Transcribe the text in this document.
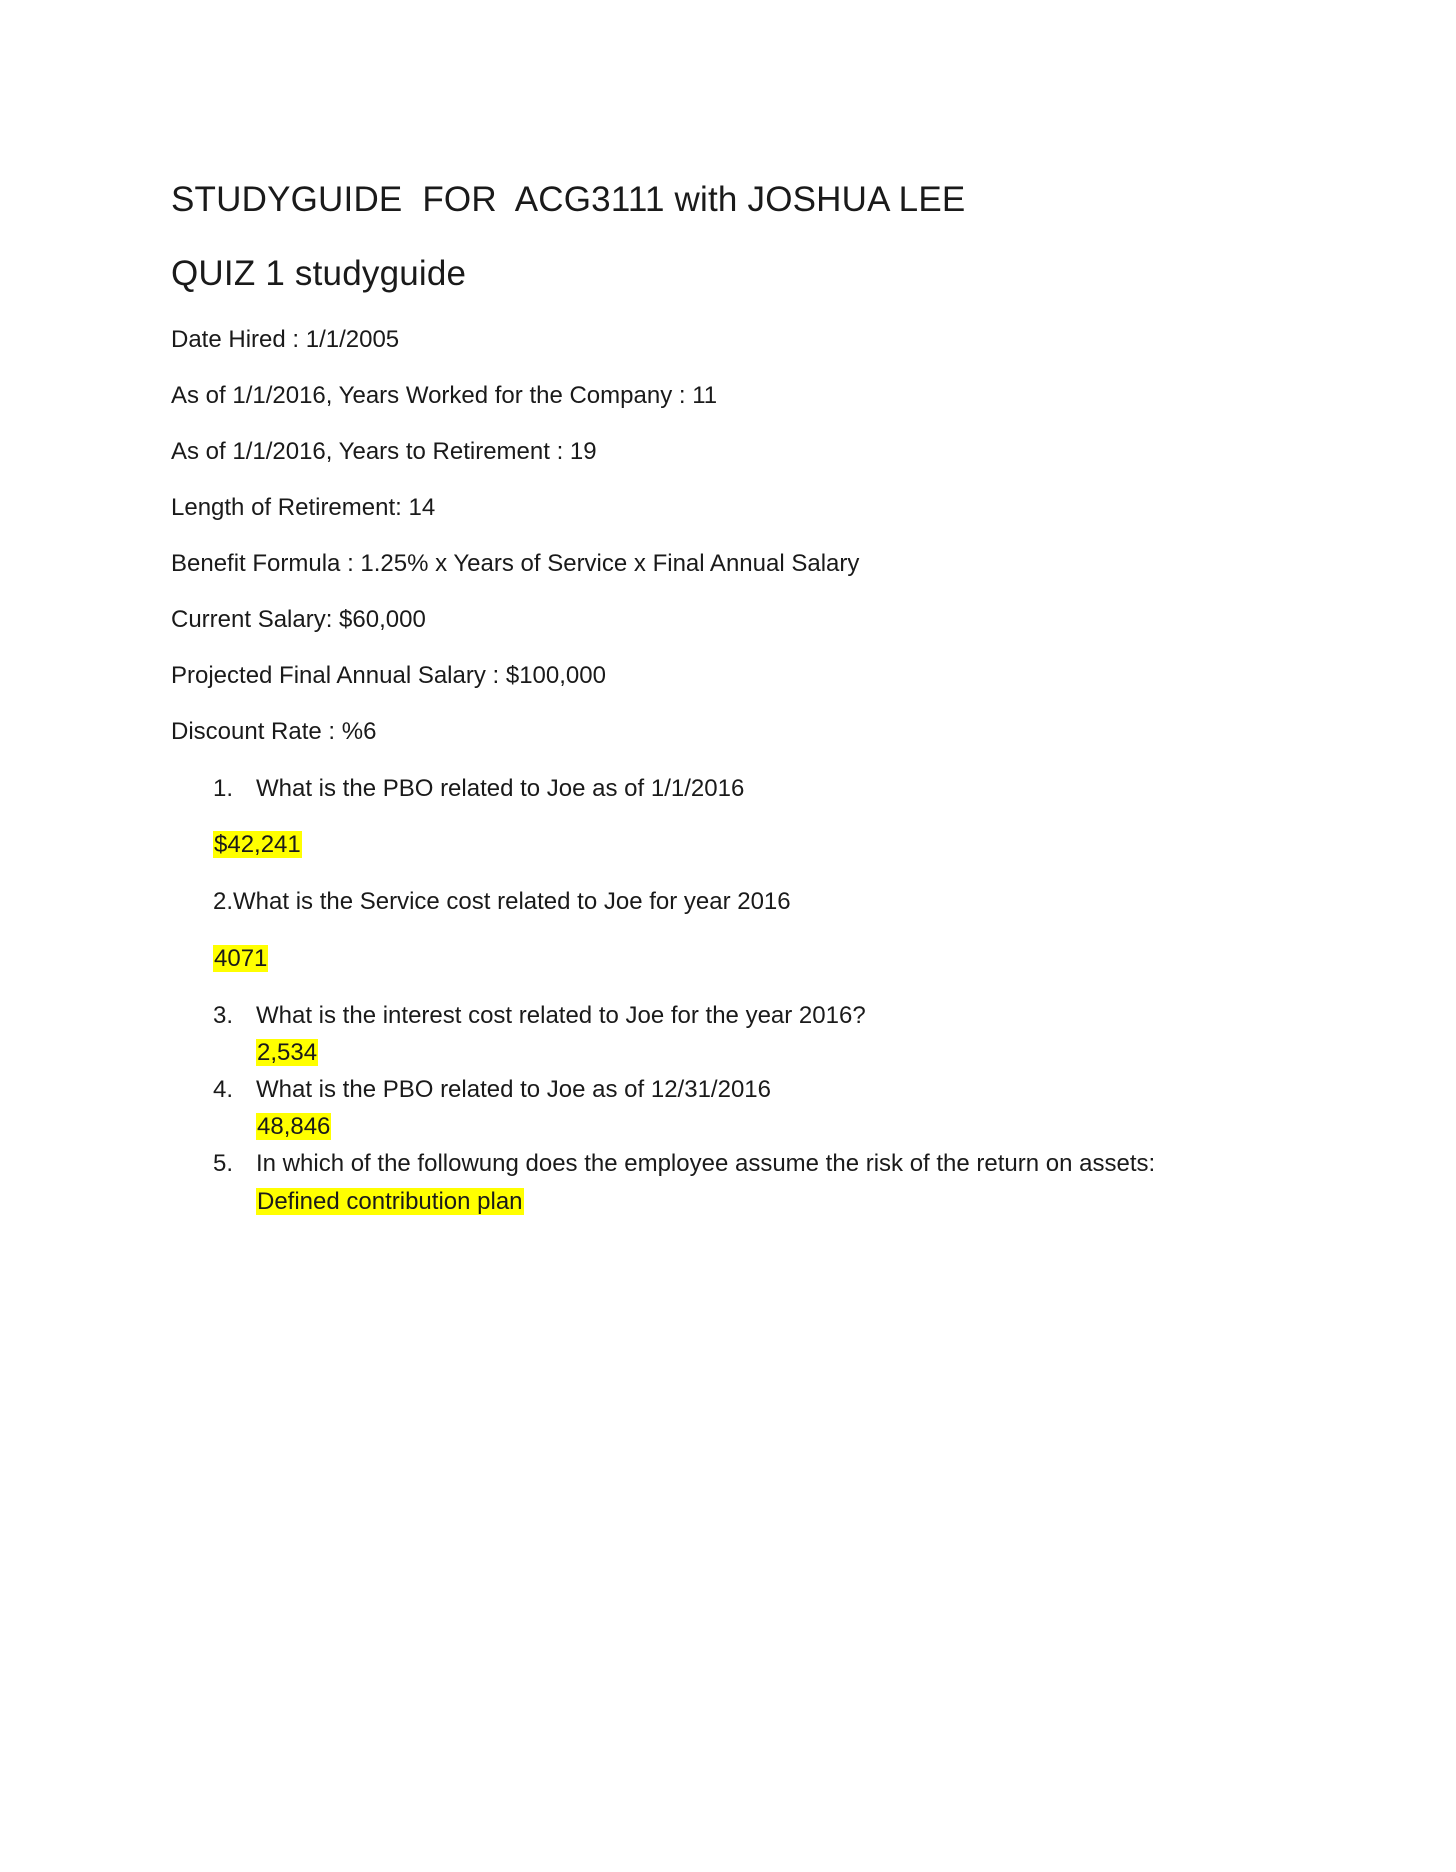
STUDYGUIDE  FOR  ACG3111 with JOSHUA LEE
QUIZ 1 studyguide
Date Hired : 1/1/2005
As of 1/1/2016, Years Worked for the Company : 11
As of 1/1/2016, Years to Retirement : 19
Length of Retirement: 14
Benefit Formula : 1.25% x Years of Service x Final Annual Salary
Current Salary: $60,000
Projected Final Annual Salary : $100,000
Discount Rate : %6
1. What is the PBO related to Joe as of 1/1/2016
$42,241
2.What is the Service cost related to Joe for year 2016
4071
3. What is the interest cost related to Joe for the year 2016?
2,534
4. What is the PBO related to Joe as of 12/31/2016
48,846
5. In which of the followung does the employee assume the risk of the return on assets:
Defined contribution plan
